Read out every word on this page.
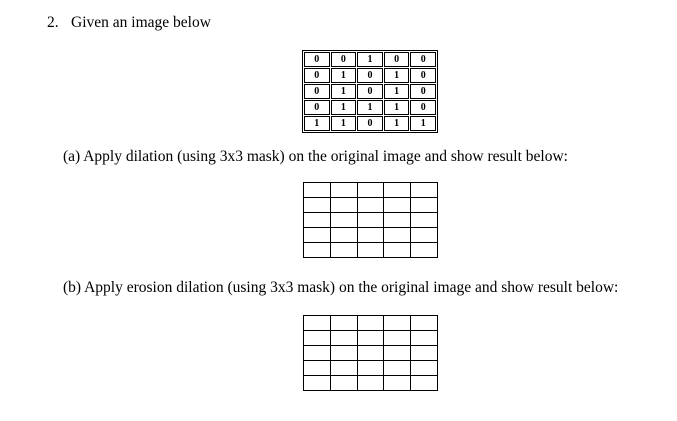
2. Given an image below
0	0	1	0	0
0	1	0	1	0
0	1	0	1	0
0	1	1	1	0
1	1	0	1	1
(a) Apply dilation (using 3x3 mask) on the original image and show result below:

(b) Apply erosion dilation (using 3x3 mask) on the original image and show result below:
